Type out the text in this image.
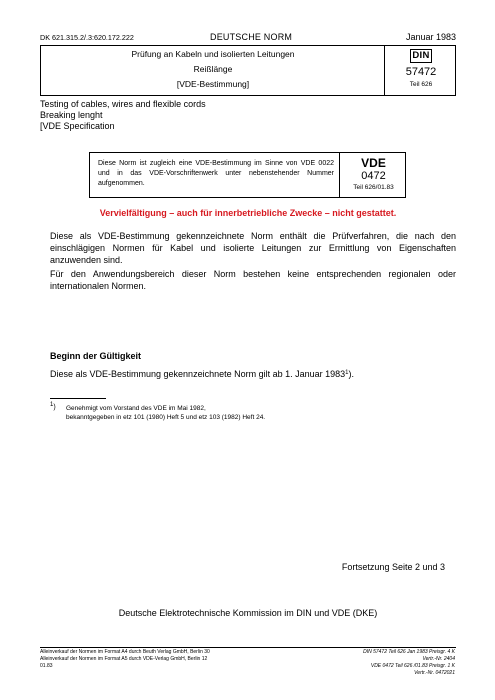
DK 621.315.2/.3:620.172.222	DEUTSCHE NORM	Januar 1983
Prüfung an Kabeln und isolierten Leitungen
Reißlänge
[VDE-Bestimmung]
DIN
57472
Teil 626
Testing of cables, wires and flexible cords
Breaking lenght
[VDE Specification
Diese Norm ist zugleich eine VDE-Bestimmung im Sinne von VDE 0022 und in das VDE-Vorschriftenwerk unter nebenstehender Nummer aufgenommen.
VDE
0472
Teil 626/01.83
Vervielfältigung – auch für innerbetriebliche Zwecke – nicht gestattet.
Diese als VDE-Bestimmung gekennzeichnete Norm enthält die Prüfverfahren, die nach den einschlägigen Normen für Kabel und isolierte Leitungen zur Ermittlung von Eigenschaften anzuwenden sind.
Für den Anwendungsbereich dieser Norm bestehen keine entsprechenden regionalen oder internationalen Normen.
Beginn der Gültigkeit
Diese als VDE-Bestimmung gekennzeichnete Norm gilt ab 1. Januar 1983$^1$).
$^1$) Genehmigt vom Vorstand des VDE im Mai 1982,
bekanntgegeben in etz 101 (1980) Heft 5 und etz 103 (1982) Heft 24.
Fortsetzung Seite 2 und 3
Deutsche Elektrotechnische Kommission im DIN und VDE (DKE)
Alleinverkauf der Normen im Format A4 durch Beuth Verlag GmbH, Berlin 30
Alleinverkauf der Normen im Format A5 durch VDE-Verlag GmbH, Berlin 12
01.83
DIN 57472 Teil 626 Jan 1983 Preisgr. 4 K
Vertr.-Nr. 2404
VDE 0472 Teil 626 /01.83 Preisgr. 1 K
Vertr.-Nr. 0472021
